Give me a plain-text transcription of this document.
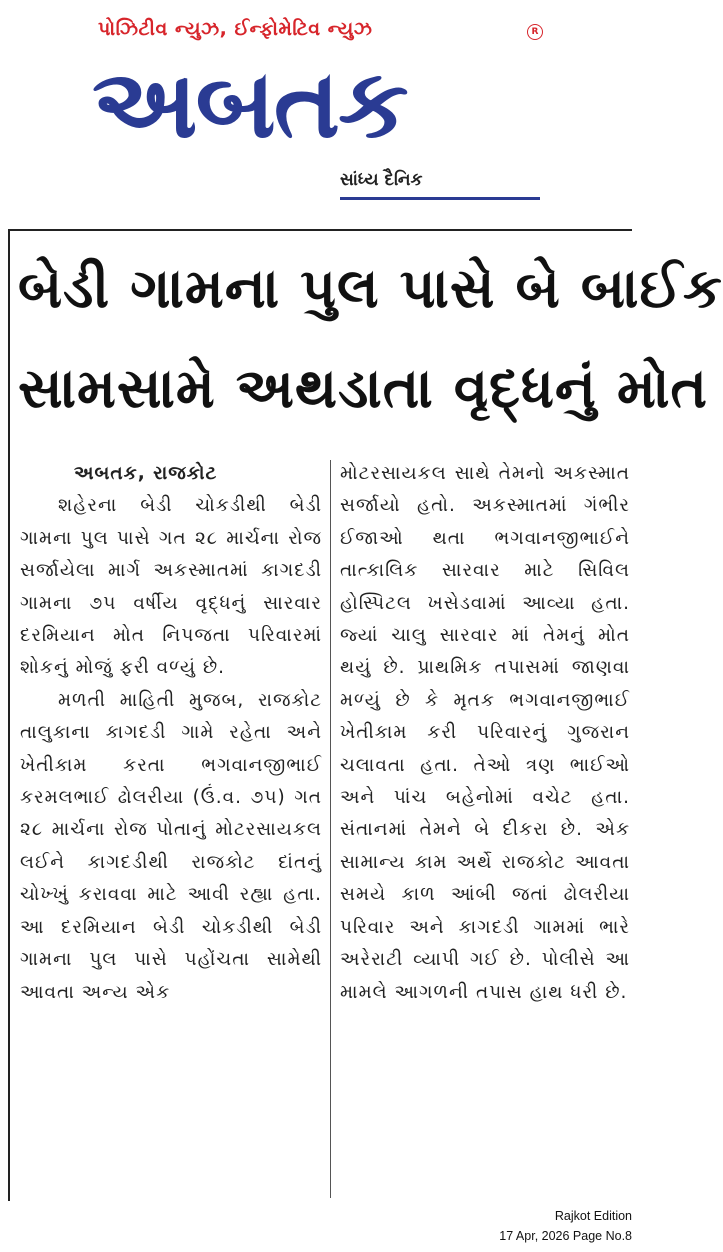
પોઝિટીવ ન્યુઝ, ઈન્ફોમેટિવ ન્યુઝ	R
અબતક
સાંધ્ય દૈનિક
બેડી ગામના પુલ પાસે બે બાઈક
સામસામે અથડાતા વૃદ્ધનું મોત

અબતક, રાજકોટ

શહેરના બેડી ચોકડીથી બેડી ગામના પુલ પાસે ગત ૨૮ માર્ચના રોજ સર્જાયેલા માર્ગ અકસ્માતમાં કાગદડી ગામના ૭૫ વર્ષીય વૃદ્ધનું સારવાર દરમિયાન મોત નિપજતા પરિવારમાં શોકનું મોજું ફરી વળ્યું છે.

મળતી માહિતી મુજબ, રાજકોટ તાલુકાના કાગદડી ગામે રહેતા અને ખેતીકામ કરતા ભગવાનજીભાઈ કરમલભાઈ ઢોલરીયા (ઉં.વ. ૭૫) ગત ૨૮ માર્ચના રોજ પોતાનું મોટરસાયકલ લઈને કાગદડીથી રાજકોટ દાંતનું ચોખ્ખું કરાવવા માટે આવી રહ્યા હતા. આ દરમિયાન બેડી ચોકડીથી બેડી ગામના પુલ પાસે પહોંચતા સામેથી આવતા અન્ય એક

મોટરસાયકલ સાથે તેમનો અકસ્માત સર્જાયો હતો. અકસ્માતમાં ગંભીર ઈજાઓ થતા ભગવાનજીભાઈને તાત્કાલિક સારવાર માટે સિવિલ હોસ્પિટલ ખસેડવામાં આવ્યા હતા. જ્યાં ચાલુ સારવાર માં તેમનું મોત થયું છે. પ્રાથમિક તપાસમાં જાણવા મળ્યું છે કે મૃતક ભગવાનજીભાઈ ખેતીકામ કરી પરિવારનું ગુજરાન ચલાવતા હતા. તેઓ ત્રણ ભાઈઓ અને પાંચ બહેનોમાં વચેટ હતા. સંતાનમાં તેમને બે દીકરા છે. એક સામાન્ય કામ અર્થે રાજકોટ આવતા સમયે કાળ આંબી જતાં ઢોલરીયા પરિવાર અને કાગદડી ગામમાં ભારે અરેરાટી વ્યાપી ગઈ છે. પોલીસે આ મામલે આગળની તપાસ હાથ ધરી છે.

Rajkot Edition
17 Apr, 2026 Page No.8
